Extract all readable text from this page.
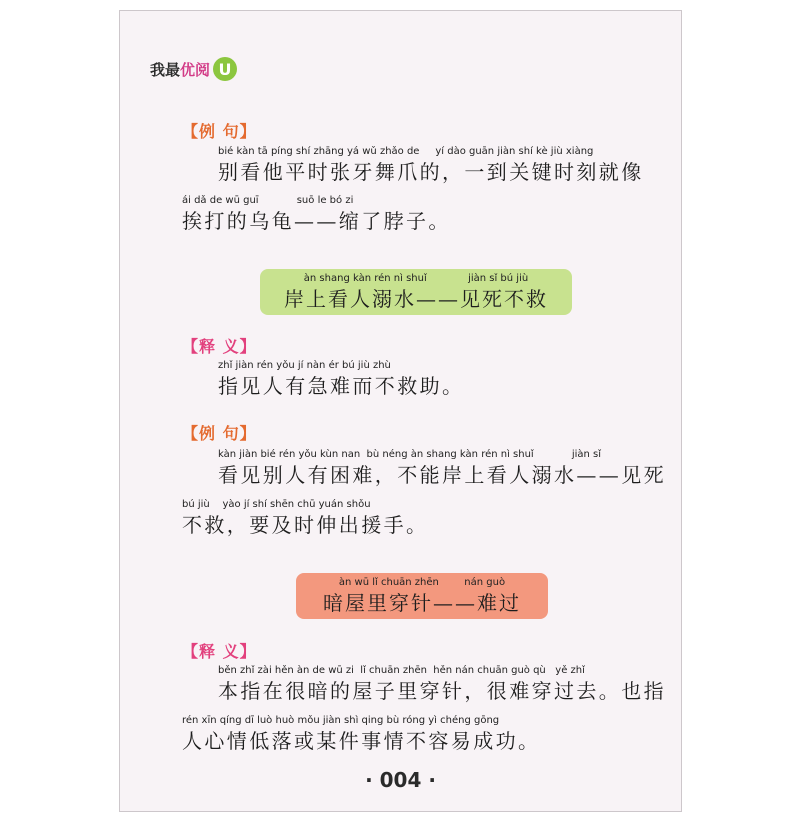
我最优阅 U
【例 句】
bié kàn tā píng shí zhāng yá wǔ zhǎo de     yí dào guān jiàn shí kè jiù xiàng
别看他平时张牙舞爪的，一到关键时刻就像
ái dǎ de wū guī            suō le bó zi
挨打的乌龟——缩了脖子。
àn shang kàn rén nì shuǐ             jiàn sǐ bú jiù
岸上看人溺水——见死不救
【释 义】
zhǐ jiàn rén yǒu jí nàn ér bú jiù zhù
指见人有急难而不救助。
【例 句】
kàn jiàn bié rén yǒu kùn nan  bù néng àn shang kàn rén nì shuǐ            jiàn sǐ
看见别人有困难，不能岸上看人溺水——见死
bú jiù    yào jí shí shēn chū yuán shǒu
不救，要及时伸出援手。
àn wū lǐ chuān zhēn        nán guò
暗屋里穿针——难过
【释 义】
běn zhǐ zài hěn àn de wū zi  lǐ chuān zhēn  hěn nán chuān guò qù   yě zhǐ
本指在很暗的屋子里穿针，很难穿过去。也指
rén xīn qíng dī luò huò mǒu jiàn shì qing bù róng yì chéng gōng
人心情低落或某件事情不容易成功。
· 004 ·
